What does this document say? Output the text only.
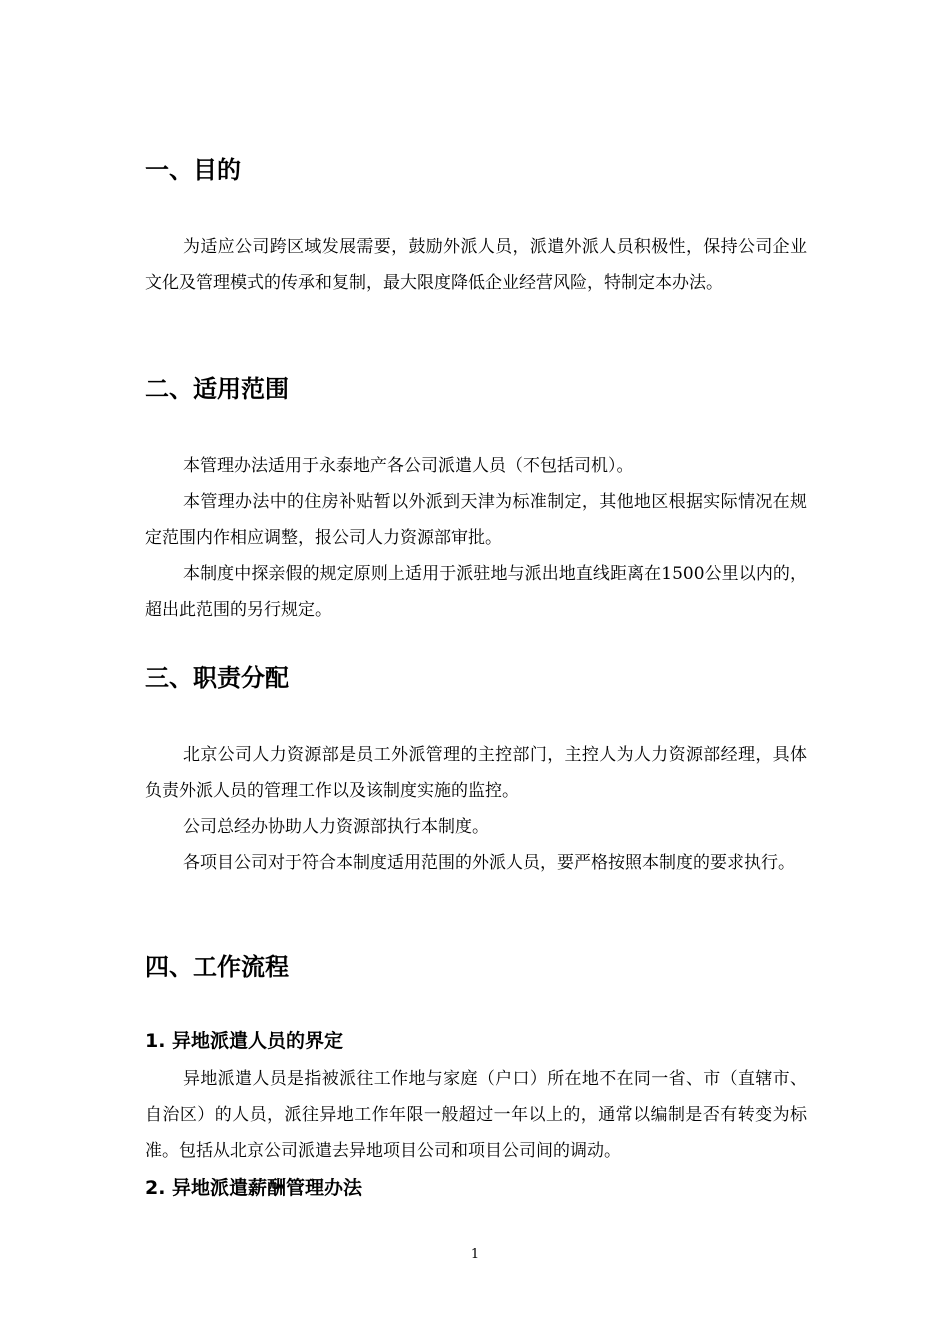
一、目的
为适应公司跨区域发展需要，鼓励外派人员，派遣外派人员积极性，保持公司企业文化及管理模式的传承和复制，最大限度降低企业经营风险，特制定本办法。
二、适用范围
本管理办法适用于永泰地产各公司派遣人员（不包括司机）。
本管理办法中的住房补贴暂以外派到天津为标准制定，其他地区根据实际情况在规定范围内作相应调整，报公司人力资源部审批。
本制度中探亲假的规定原则上适用于派驻地与派出地直线距离在1500公里以内的，超出此范围的另行规定。
三、职责分配
北京公司人力资源部是员工外派管理的主控部门，主控人为人力资源部经理，具体负责外派人员的管理工作以及该制度实施的监控。
公司总经办协助人力资源部执行本制度。
各项目公司对于符合本制度适用范围的外派人员，要严格按照本制度的要求执行。
四、工作流程
1. 异地派遣人员的界定
异地派遣人员是指被派往工作地与家庭（户口）所在地不在同一省、市（直辖市、自治区）的人员，派往异地工作年限一般超过一年以上的，通常以编制是否有转变为标准。包括从北京公司派遣去异地项目公司和项目公司间的调动。
2. 异地派遣薪酬管理办法
1
